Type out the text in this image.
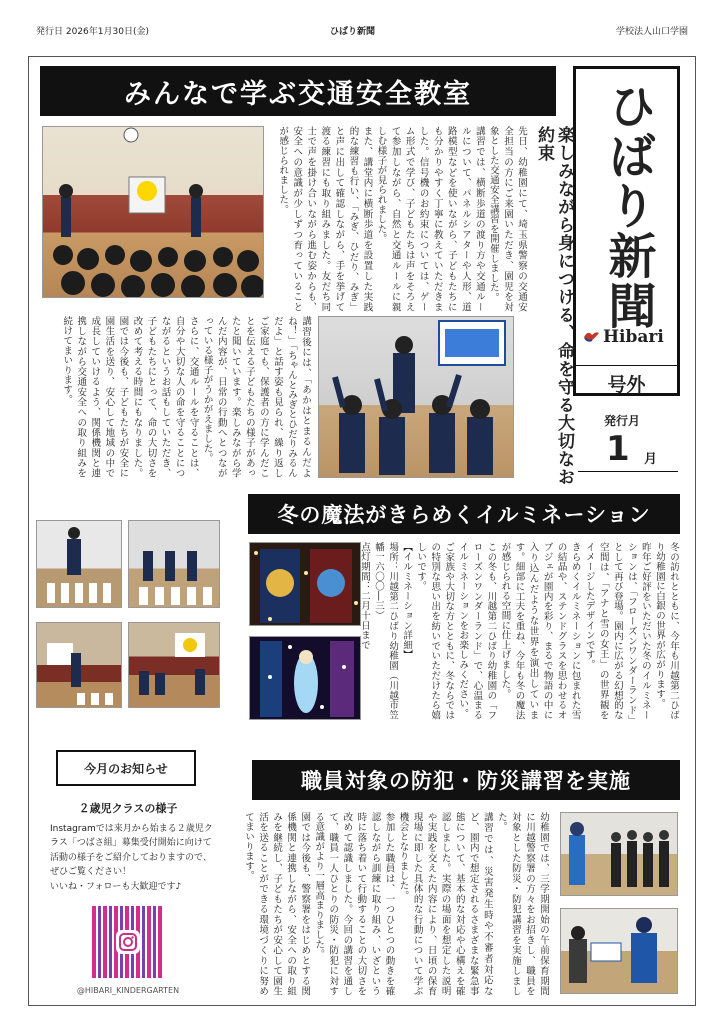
発行日 2026年1月30日(金)	ひばり新聞	学校法人山口学園
みんなで学ぶ交通安全教室	ひばり新聞
Hibari
号外
発行月
1 月
楽しみながら身につける、命を守る大切なお約束

先日、幼稚園にて、埼玉県警察の交通安全担当の方にご来園いただき、園児を対象とした交通安全講習を開催しました。

講習では、横断歩道の渡り方や交通ルールについて、パネルシアターや人形、道路模型などを使いながら、子どもたちにも分かりやすく丁寧に教えていただきました。信号機のお約束については、ゲーム形式で学び、子どもたちは声をそろえて参加しながら、自然と交通ルールに親しむ様子が見られました。

また、講堂内に横断歩道を設置した実践的な練習も行い、「みぎ、ひだり、みぎ」と声に出して確認しながら、手を挙げて渡る練習にも取り組みました。友だち同士で声を掛け合いながら進む姿からも、安全への意識が少しずつ育っていることが感じられました。

講習後には、「あかはとまるんだよね！」「ちゃんとみぎとひだりみるんだよ」と話す姿も見られ、繰り返しご家庭でも、保護者の方に学んだことを伝える子どもたちの様子があったと聞いています。楽しみながら学んだ内容が、日常の行動へとつながっている様子がうかがえました。

さらに、交通ルールを守ることは、自分や大切な人の命を守ることにつながるというお話もしていただき、子どもたちにとって、命の大切さを改めて考える時間にもなりました。園では今後も、子どもたちが安全に園生活を送り、安心して地域の中で成長していけるよう、関係機関と連携しながら交通安全への取り組みを続けてまいります。

冬の魔法がきらめくイルミネーション

冬の訪れとともに、今年も川越第二ひばり幼稚園に白銀の世界が広がります。

昨年ご好評をいただいた冬のイルミネーションは、「フローズンワンダーランド」として再び登場。園内に広がる幻想的な空間は、「アナと雪の女王」の世界観をイメージしたデザインです。

きらめくイルミネーションに包まれた雪の結晶や、ステンドグラスを思わせるオブジェが園内を彩り、まるで物語の中に入り込んだような世界を演出しています。細部に工夫を重ね、今年も冬の魔法が感じられる空間に仕上げました。

この冬も、川越第二ひばり幼稚園の「フローズンワンダーランド」で、心温まるイルミネーションをお楽しみください。

ご家族や大切な方とともに、冬ならではの特別な思い出を紡いでいただけたら嬉しいです。

【イルミネーション詳細】

場所：川越第二ひばり幼稚園（川越市笠幡一六〇〇―三）

点灯期間：二月十日まで

今月のお知らせ
２歳児クラスの様子
Instagramでは来月から始まる２歳児クラス「つばさ組」募集受付開始に向けて活動の様子をご紹介しておりますので、ぜひご覧ください！
いいね・フォローも大歓迎です♪
@HIBARI_KINDERGARTEN
職員対象の防犯・防災講習を実施

幼稚園では、三学期開始の午前保育期間に川越警察署の方々をお招きし、職員を対象とした防災・防犯講習を実施しました。

講習では、災害発生時や不審者対応など、園内で想定されるさまざまな緊急事態について、基本的な対応や心構えを確認しました。実際の場面を想定した説明や実践を交えた内容により、日頃の保育現場に即した具体的な行動について学ぶ機会となりました。

参加した職員は、一つひとつの動きを確認しながら訓練に取り組み、いざという時に落ち着いて行動することの大切さを改めて認識しました。今回の講習を通して、職員一人ひとりの防災・防犯に対する意識がより一層高まりました。

園では今後も、警察署をはじめとする関係機関と連携しながら、安全への取り組みを継続し、子どもたちが安心して園生活を送ることができる環境づくりに努めてまいります。
